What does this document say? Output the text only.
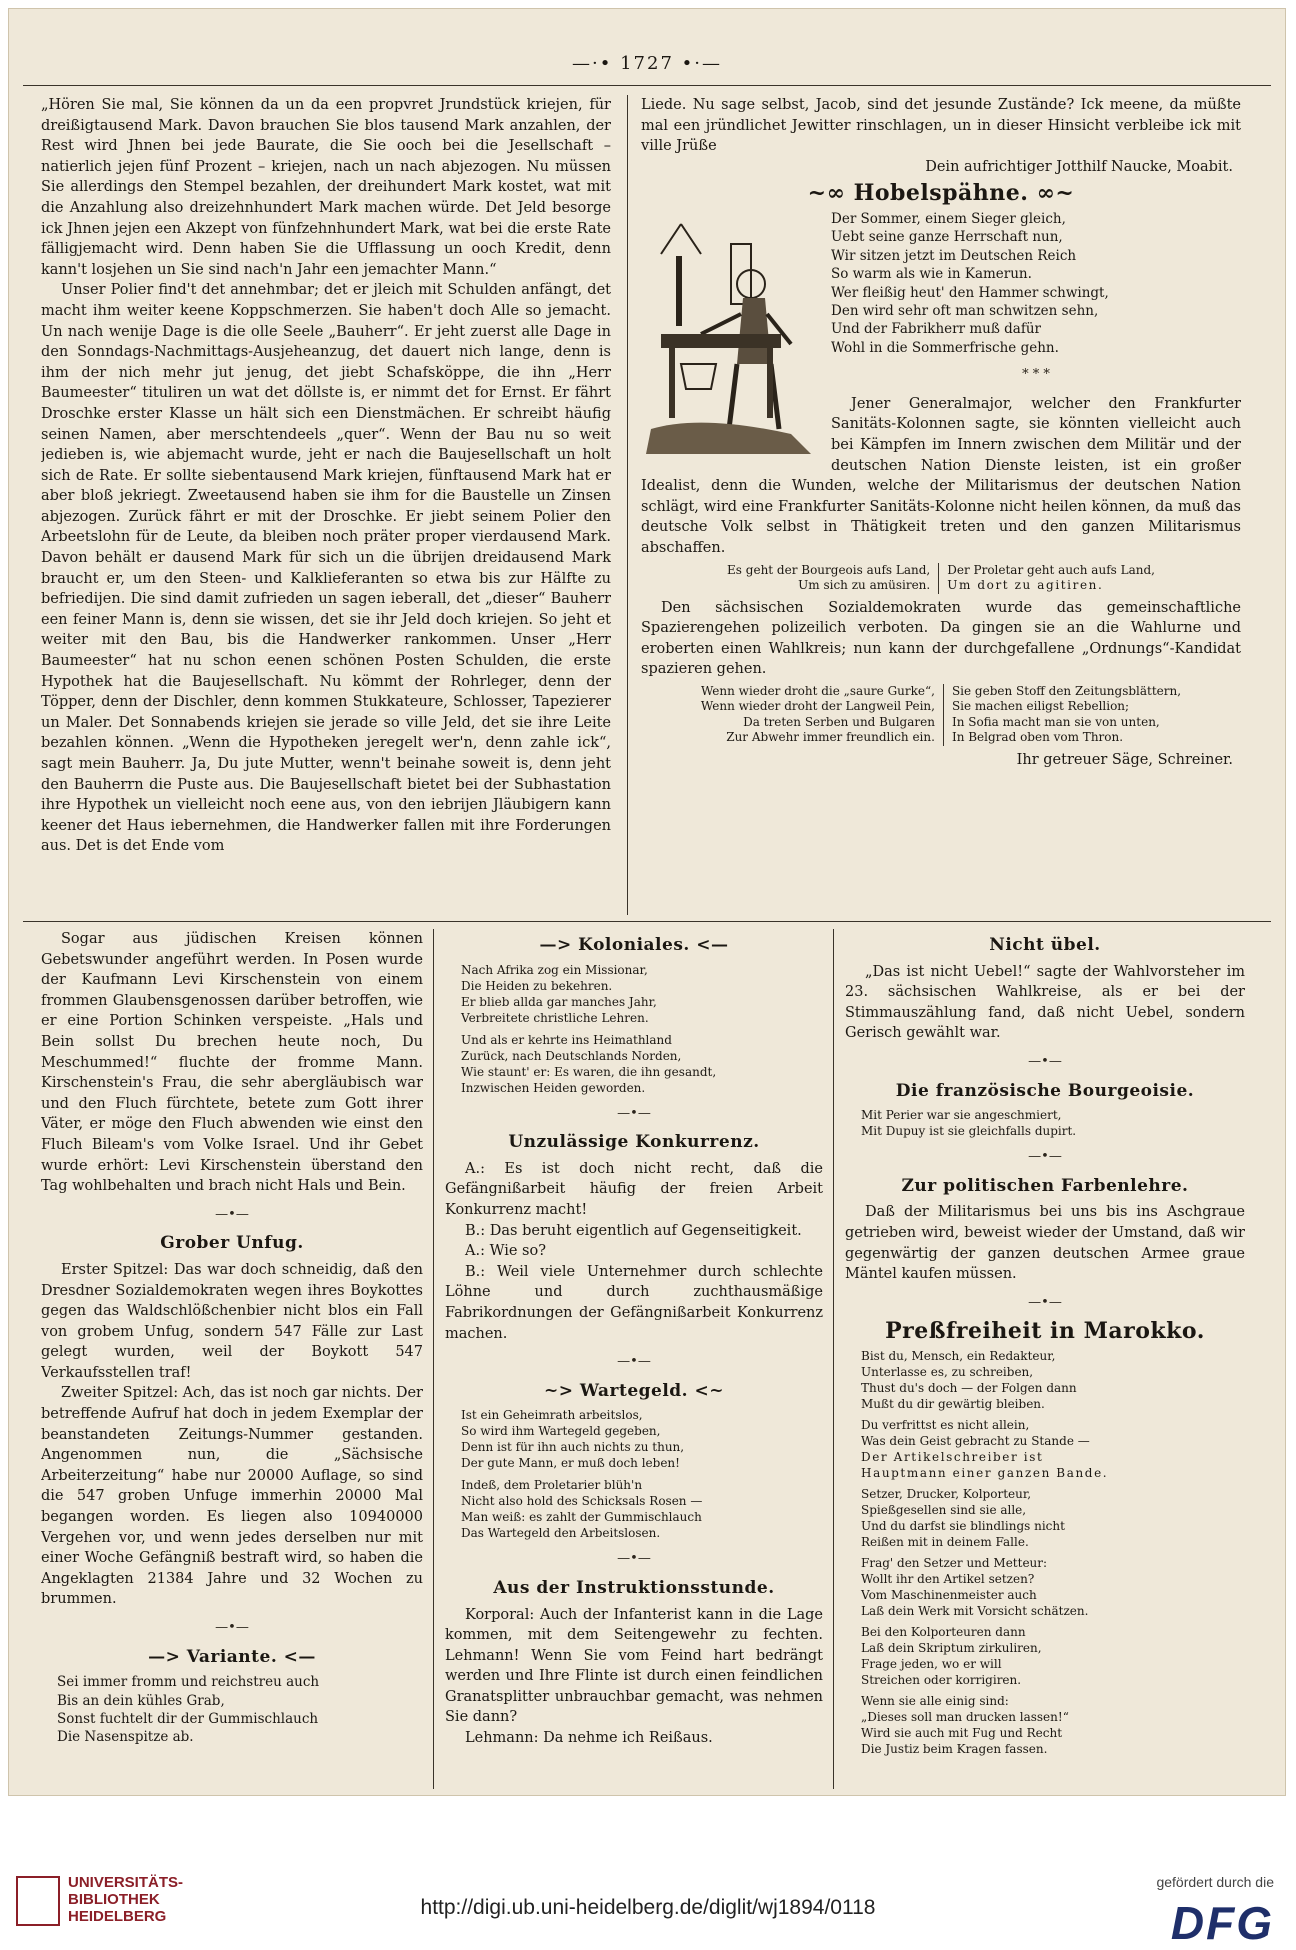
—·• 1727 •·—

„Hören Sie mal, Sie können da un da een propvret Jrundstück kriejen, für dreißigtausend Mark. Davon brauchen Sie blos tausend Mark anzahlen, der Rest wird Jhnen bei jede Baurate, die Sie ooch bei die Jesellschaft – natierlich jejen fünf Prozent – kriejen, nach un nach abjezogen. Nu müssen Sie allerdings den Stempel bezahlen, der dreihundert Mark kostet, wat mit die Anzahlung also dreizehnhundert Mark machen würde. Det Jeld besorge ick Jhnen jejen een Akzept von fünfzehnhundert Mark, wat bei die erste Rate fälligjemacht wird. Denn haben Sie die Ufflassung un ooch Kredit, denn kann't losjehen un Sie sind nach'n Jahr een jemachter Mann.“

Unser Polier find't det annehmbar; det er jleich mit Schulden anfängt, det macht ihm weiter keene Koppschmerzen. Sie haben't doch Alle so jemacht. Un nach wenije Dage is die olle Seele „Bauherr“. Er jeht zuerst alle Dage in den Sonndags-Nachmittags-Ausjeheanzug, det dauert nich lange, denn is ihm der nich mehr jut jenug, det jiebt Schafsköppe, die ihn „Herr Baumeester“ tituliren un wat det döllste is, er nimmt det for Ernst. Er fährt Droschke erster Klasse un hält sich een Dienstmächen. Er schreibt häufig seinen Namen, aber merschtendeels „quer“. Wenn der Bau nu so weit jedieben is, wie abjemacht wurde, jeht er nach die Baujesellschaft un holt sich de Rate. Er sollte siebentausend Mark kriejen, fünftausend Mark hat er aber bloß jekriegt. Zweetausend haben sie ihm for die Baustelle un Zinsen abjezogen. Zurück fährt er mit der Droschke. Er jiebt seinem Polier den Arbeetslohn für de Leute, da bleiben noch präter proper vierdausend Mark. Davon behält er dausend Mark für sich un die übrijen dreidausend Mark braucht er, um den Steen- und Kalklieferanten so etwa bis zur Hälfte zu befriedijen. Die sind damit zufrieden un sagen ieberall, det „dieser“ Bauherr een feiner Mann is, denn sie wissen, det sie ihr Jeld doch kriejen. So jeht et weiter mit den Bau, bis die Handwerker rankommen. Unser „Herr Baumeester“ hat nu schon eenen schönen Posten Schulden, die erste Hypothek hat die Baujesellschaft. Nu kömmt der Rohrleger, denn der Töpper, denn der Dischler, denn kommen Stukkateure, Schlosser, Tapezierer un Maler. Det Sonnabends kriejen sie jerade so ville Jeld, det sie ihre Leite bezahlen können. „Wenn die Hypotheken jeregelt wer'n, denn zahle ick“, sagt mein Bauherr. Ja, Du jute Mutter, wenn't beinahe soweit is, denn jeht den Bauherrn die Puste aus. Die Baujesellschaft bietet bei der Subhastation ihre Hypothek un vielleicht noch eene aus, von den iebrijen Jläubigern kann keener det Haus iebernehmen, die Handwerker fallen mit ihre Forderungen aus. Det is det Ende vom

Liede. Nu sage selbst, Jacob, sind det jesunde Zustände? Ick meene, da müßte mal een jründlichet Jewitter rinschlagen, un in dieser Hinsicht verbleibe ick mit ville Jrüße

Dein aufrichtiger Jotthilf Naucke, Moabit.
~∞ Hobelspähne. ∞~
Der Sommer, einem Sieger gleich,
Uebt seine ganze Herrschaft nun,
Wir sitzen jetzt im Deutschen Reich
So warm als wie in Kamerun.
Wer fleißig heut' den Hammer schwingt,
Den wird sehr oft man schwitzen sehn,
Und der Fabrikherr muß dafür
Wohl in die Sommerfrische gehn.
* * *

Jener Generalmajor, welcher den Frankfurter Sanitäts-Kolonnen sagte, sie könnten vielleicht auch bei Kämpfen im Innern zwischen dem Militär und der deutschen Nation Dienste leisten, ist ein großer Idealist, denn die Wunden, welche der Militarismus der deutschen Nation schlägt, wird eine Frankfurter Sanitäts-Kolonne nicht heilen können, da muß das deutsche Volk selbst in Thätigkeit treten und den ganzen Militarismus abschaffen.

Es geht der Bourgeois aufs Land,
Um sich zu amüsiren.
Der Proletar geht auch aufs Land,
Um dort zu agitiren.

Den sächsischen Sozialdemokraten wurde das gemeinschaftliche Spazierengehen polizeilich verboten. Da gingen sie an die Wahlurne und eroberten einen Wahlkreis; nun kann der durchgefallene „Ordnungs“-Kandidat spazieren gehen.

Wenn wieder droht die „saure Gurke“,
Wenn wieder droht der Langweil Pein,
Da treten Serben und Bulgaren
Zur Abwehr immer freundlich ein.
Sie geben Stoff den Zeitungsblättern,
Sie machen eiligst Rebellion;
In Sofia macht man sie von unten,
In Belgrad oben vom Thron.
Ihr getreuer Säge, Schreiner.

Sogar aus jüdischen Kreisen können Gebetswunder angeführt werden. In Posen wurde der Kaufmann Levi Kirschenstein von einem frommen Glaubensgenossen darüber betroffen, wie er eine Portion Schinken verspeiste. „Hals und Bein sollst Du brechen heute noch, Du Meschummed!“ fluchte der fromme Mann. Kirschenstein's Frau, die sehr abergläubisch war und den Fluch fürchtete, betete zum Gott ihrer Väter, er möge den Fluch abwenden wie einst den Fluch Bileam's vom Volke Israel. Und ihr Gebet wurde erhört: Levi Kirschenstein überstand den Tag wohlbehalten und brach nicht Hals und Bein.

—•—
Grober Unfug.

Erster Spitzel: Das war doch schneidig, daß den Dresdner Sozialdemokraten wegen ihres Boykottes gegen das Waldschlößchenbier nicht blos ein Fall von grobem Unfug, sondern 547 Fälle zur Last gelegt wurden, weil der Boykott 547 Verkaufsstellen traf!

Zweiter Spitzel: Ach, das ist noch gar nichts. Der betreffende Aufruf hat doch in jedem Exemplar der beanstandeten Zeitungs-Nummer gestanden. Angenommen nun, die „Sächsische Arbeiterzeitung“ habe nur 20000 Auflage, so sind die 547 groben Unfuge immerhin 20000 Mal begangen worden. Es liegen also 10940000 Vergehen vor, und wenn jedes derselben nur mit einer Woche Gefängniß bestraft wird, so haben die Angeklagten 21384 Jahre und 32 Wochen zu brummen.

—•—
—> Variante. <—
Sei immer fromm und reichstreu auch
Bis an dein kühles Grab,
Sonst fuchtelt dir der Gummischlauch
Die Nasenspitze ab.
—> Koloniales. <—
Nach Afrika zog ein Missionar,
Die Heiden zu bekehren.
Er blieb allda gar manches Jahr,
Verbreitete christliche Lehren.
Und als er kehrte ins Heimathland
Zurück, nach Deutschlands Norden,
Wie staunt' er: Es waren, die ihn gesandt,
Inzwischen Heiden geworden.
—•—
Unzulässige Konkurrenz.

A.: Es ist doch nicht recht, daß die Gefängnißarbeit häufig der freien Arbeit Konkurrenz macht!

B.: Das beruht eigentlich auf Gegenseitigkeit.

A.: Wie so?

B.: Weil viele Unternehmer durch schlechte Löhne und durch zuchthausmäßige Fabrikordnungen der Gefängnißarbeit Konkurrenz machen.

—•—
~> Wartegeld. <~
Ist ein Geheimrath arbeitslos,
So wird ihm Wartegeld gegeben,
Denn ist für ihn auch nichts zu thun,
Der gute Mann, er muß doch leben!
Indeß, dem Proletarier blüh'n
Nicht also hold des Schicksals Rosen —
Man weiß: es zahlt der Gummischlauch
Das Wartegeld den Arbeitslosen.
—•—
Aus der Instruktionsstunde.

Korporal: Auch der Infanterist kann in die Lage kommen, mit dem Seitengewehr zu fechten. Lehmann! Wenn Sie vom Feind hart bedrängt werden und Ihre Flinte ist durch einen feindlichen Granatsplitter unbrauchbar gemacht, was nehmen Sie dann?

Lehmann: Da nehme ich Reißaus.

Nicht übel.

„Das ist nicht Uebel!“ sagte der Wahlvorsteher im 23. sächsischen Wahlkreise, als er bei der Stimmauszählung fand, daß nicht Uebel, sondern Gerisch gewählt war.

—•—
Die französische Bourgeoisie.
Mit Perier war sie angeschmiert,
Mit Dupuy ist sie gleichfalls dupirt.
—•—
Zur politischen Farbenlehre.

Daß der Militarismus bei uns bis ins Aschgraue getrieben wird, beweist wieder der Umstand, daß wir gegenwärtig der ganzen deutschen Armee graue Mäntel kaufen müssen.

—•—
Preßfreiheit in Marokko.
Bist du, Mensch, ein Redakteur,
Unterlasse es, zu schreiben,
Thust du's doch — der Folgen dann
Mußt du dir gewärtig bleiben.
Du verfrittst es nicht allein,
Was dein Geist gebracht zu Stande —
Der Artikelschreiber ist
Hauptmann einer ganzen Bande.
Setzer, Drucker, Kolporteur,
Spießgesellen sind sie alle,
Und du darfst sie blindlings nicht
Reißen mit in deinem Falle.
Frag' den Setzer und Metteur:
Wollt ihr den Artikel setzen?
Vom Maschinenmeister auch
Laß dein Werk mit Vorsicht schätzen.
Bei den Kolporteuren dann
Laß dein Skriptum zirkuliren,
Frage jeden, wo er will
Streichen oder korrigiren.
Wenn sie alle einig sind:
„Dieses soll man drucken lassen!“
Wird sie auch mit Fug und Recht
Die Justiz beim Kragen fassen.
UNIVERSITÄTS-
BIBLIOTHEK
HEIDELBERG	http://digi.ub.uni-heidelberg.de/diglit/wj1894/0118
gefördert durch die
DFG
